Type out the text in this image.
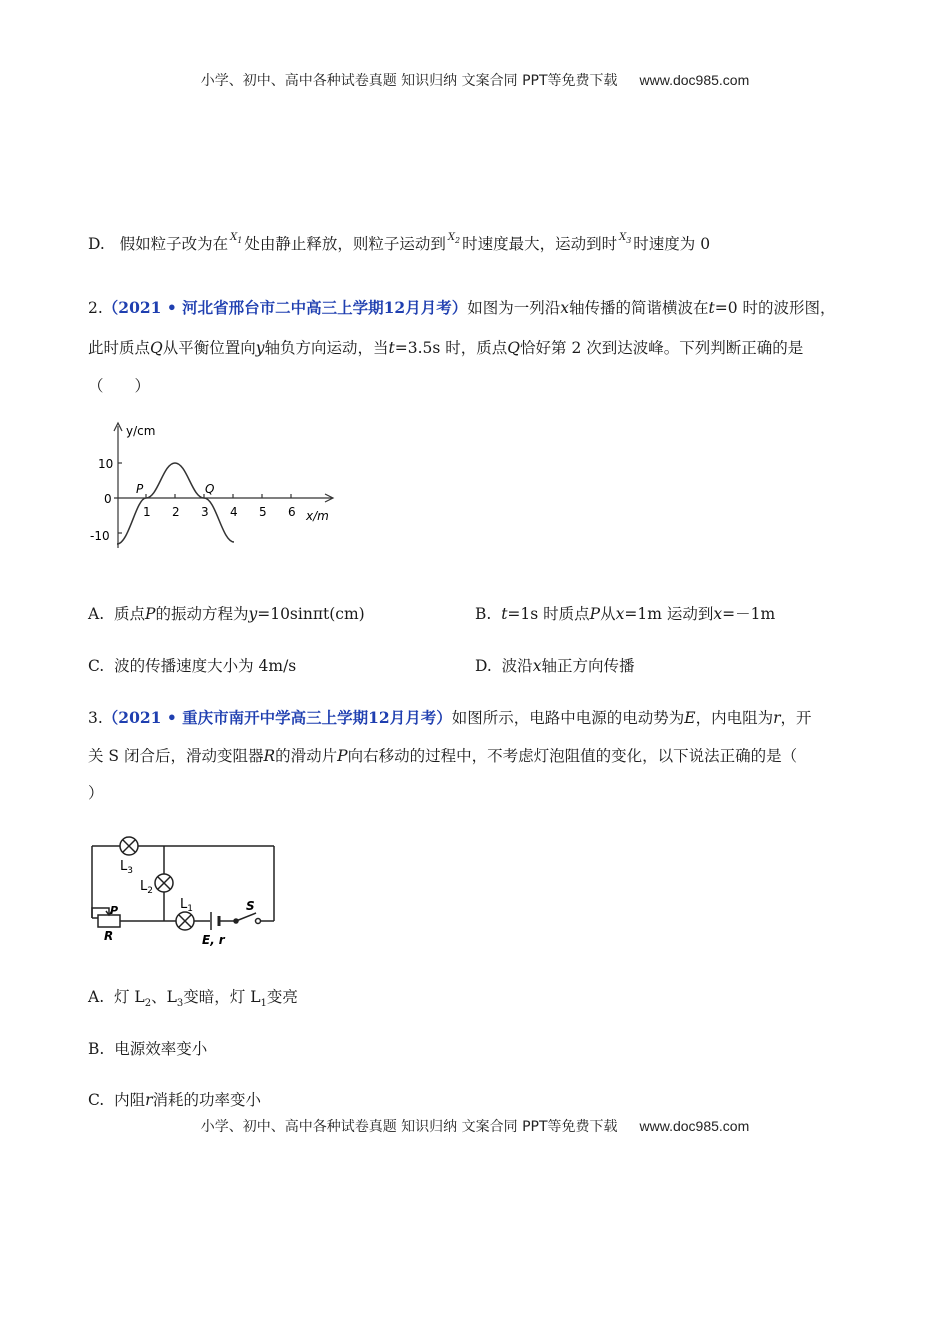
小学、初中、高中各种试卷真题 知识归纳 文案合同 PPT等免费下载 www.doc985.com
D. 假如粒子改为在 $^{X_1}$ 处由静止释放，则粒子运动到 $^{X_2}$ 时速度最大，运动到时 $^{X_3}$ 时速度为 0
2.（2021 • 河北省邢台市二中高三上学期12月月考）如图为一列沿x轴传播的简谐横波在t=0 时的波形图，
此时质点Q从平衡位置向y轴负方向运动，当t=3.5s 时，质点Q恰好第 2 次到达波峰。下列判断正确的是
（　　）
y/cm
x/m
10
0
-10
1 2 3 4 5 6
P	Q
A. 质点P的振动方程为y=10sinπt(cm)	B. t=1s 时质点P从x=1m 运动到x=－1m
C. 波的传播速度大小为 4m/s	D. 波沿x轴正方向传播
3.（2021 • 重庆市南开中学高三上学期12月月考）如图所示，电路中电源的电动势为E，内电阻为r，开
关 S 闭合后，滑动变阻器R的滑动片P向右移动的过程中，不考虑灯泡阻值的变化，以下说法正确的是（
）
$L_3$
$L_2$
$L_1$
P
R	E, r
S
A. 灯 $L_2$、$L_3$变暗，灯 $L_1$变亮
B. 电源效率变小
C. 内阻r消耗的功率变小
小学、初中、高中各种试卷真题 知识归纳 文案合同 PPT等免费下载 www.doc985.com
